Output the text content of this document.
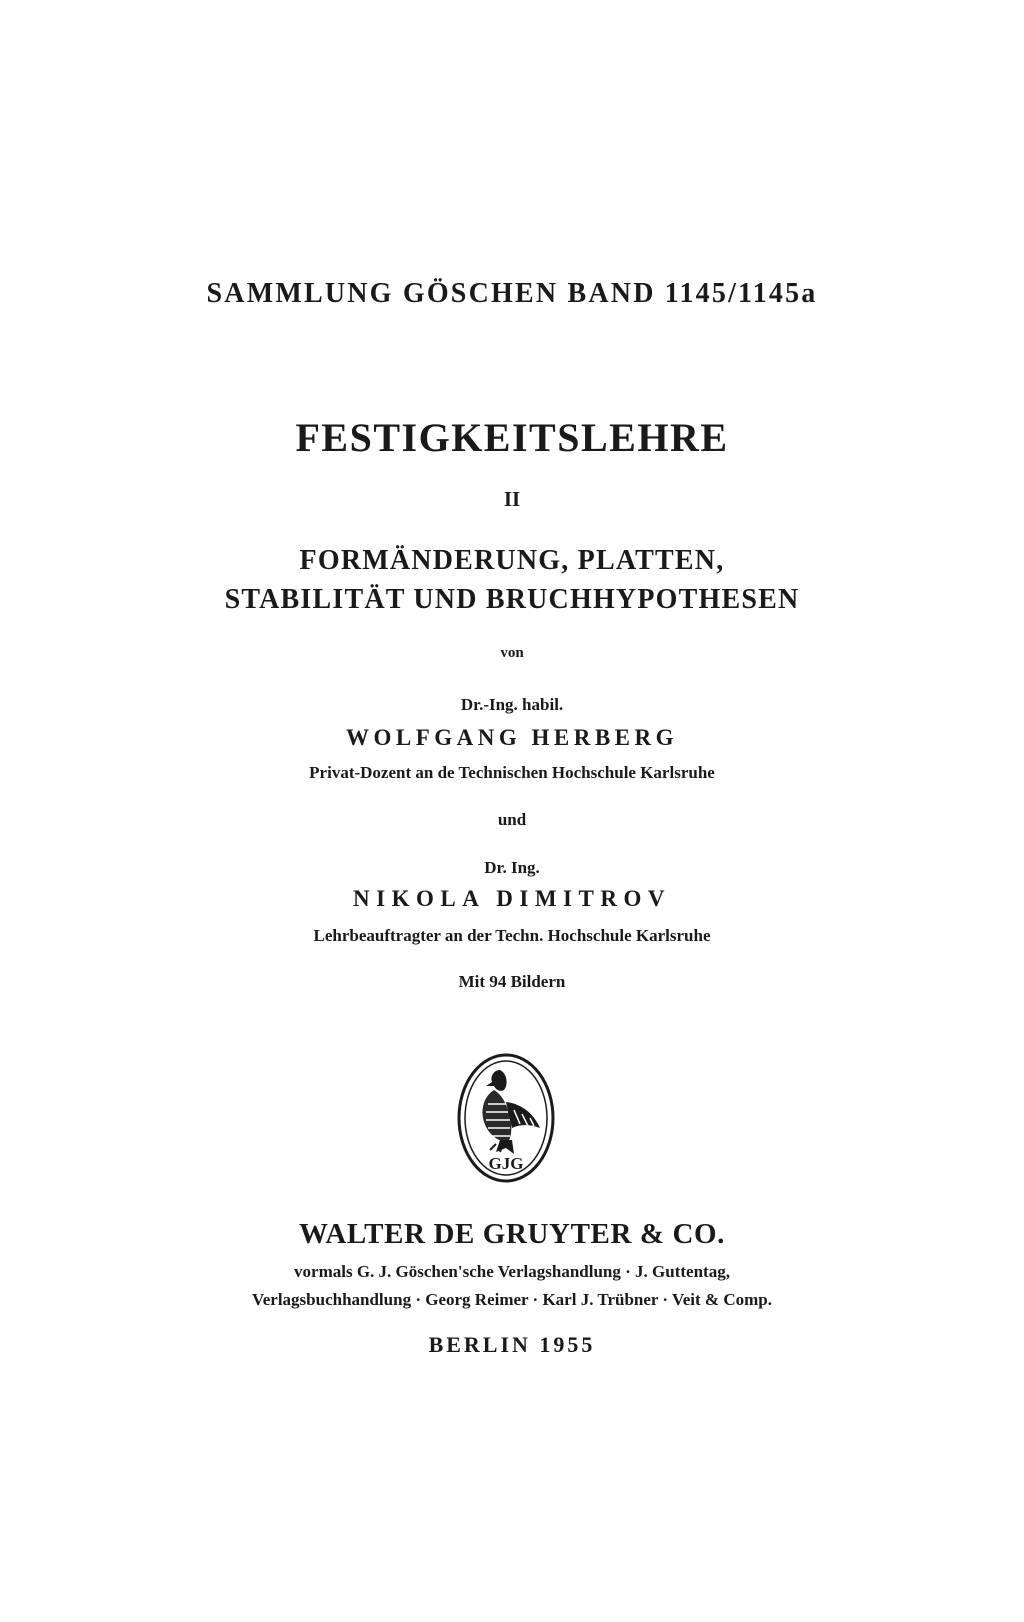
SAMMLUNG GÖSCHEN BAND 1145/1145a
FESTIGKEITSLEHRE
II
FORMÄNDERUNG, PLATTEN,
STABILITÄT UND BRUCHHYPOTHESEN
von
Dr.-Ing. habil.
WOLFGANG HERBERG
Privat-Dozent an de Technischen Hochschule Karlsruhe
und
Dr. Ing.
NIKOLA DIMITROV
Lehrbeauftragter an der Techn. Hochschule Karlsruhe
Mit 94 Bildern
GJG
WALTER DE GRUYTER & CO.
vormals G. J. Göschen'sche Verlagshandlung · J. Guttentag,
Verlagsbuchhandlung · Georg Reimer · Karl J. Trübner · Veit & Comp.
BERLIN 1955
